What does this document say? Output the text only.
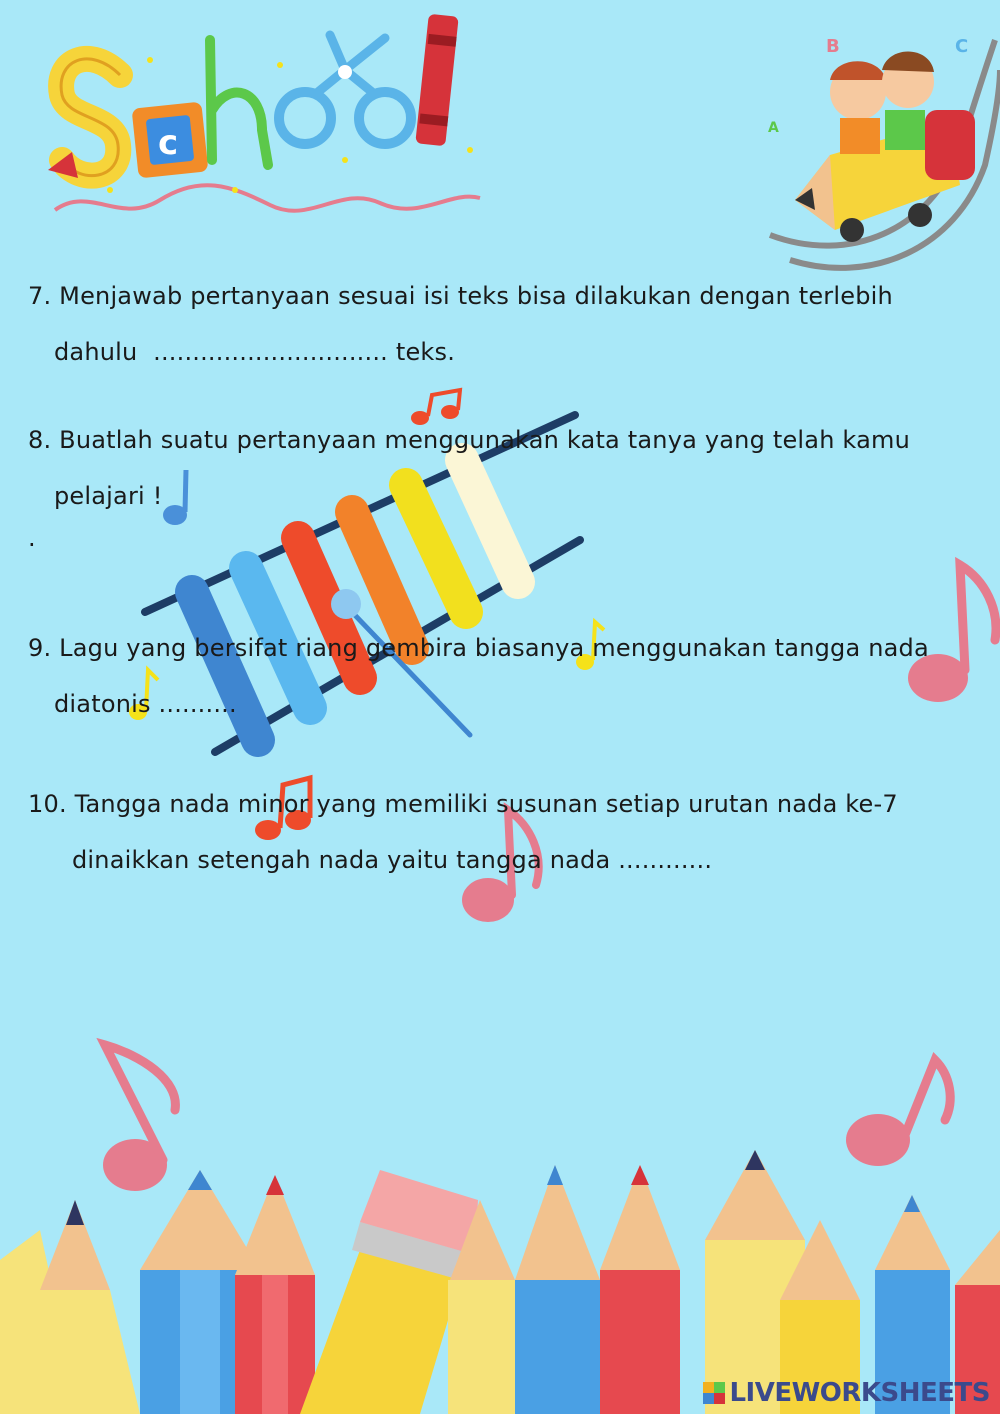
c
B	C
A
7. Menjawab pertanyaan sesuai isi teks bisa dilakukan dengan terlebih
dahulu .............................. teks.
8. Buatlah suatu pertanyaan menggunakan kata tanya yang telah kamu
pelajari !
.
9. Lagu yang bersifat riang gembira biasanya menggunakan tangga nada
diatonis ..........
10. Tangga nada minor yang memiliki susunan setiap urutan nada ke-7
dinaikkan setengah nada yaitu tangga nada ............
LIVEWORKSHEETS
